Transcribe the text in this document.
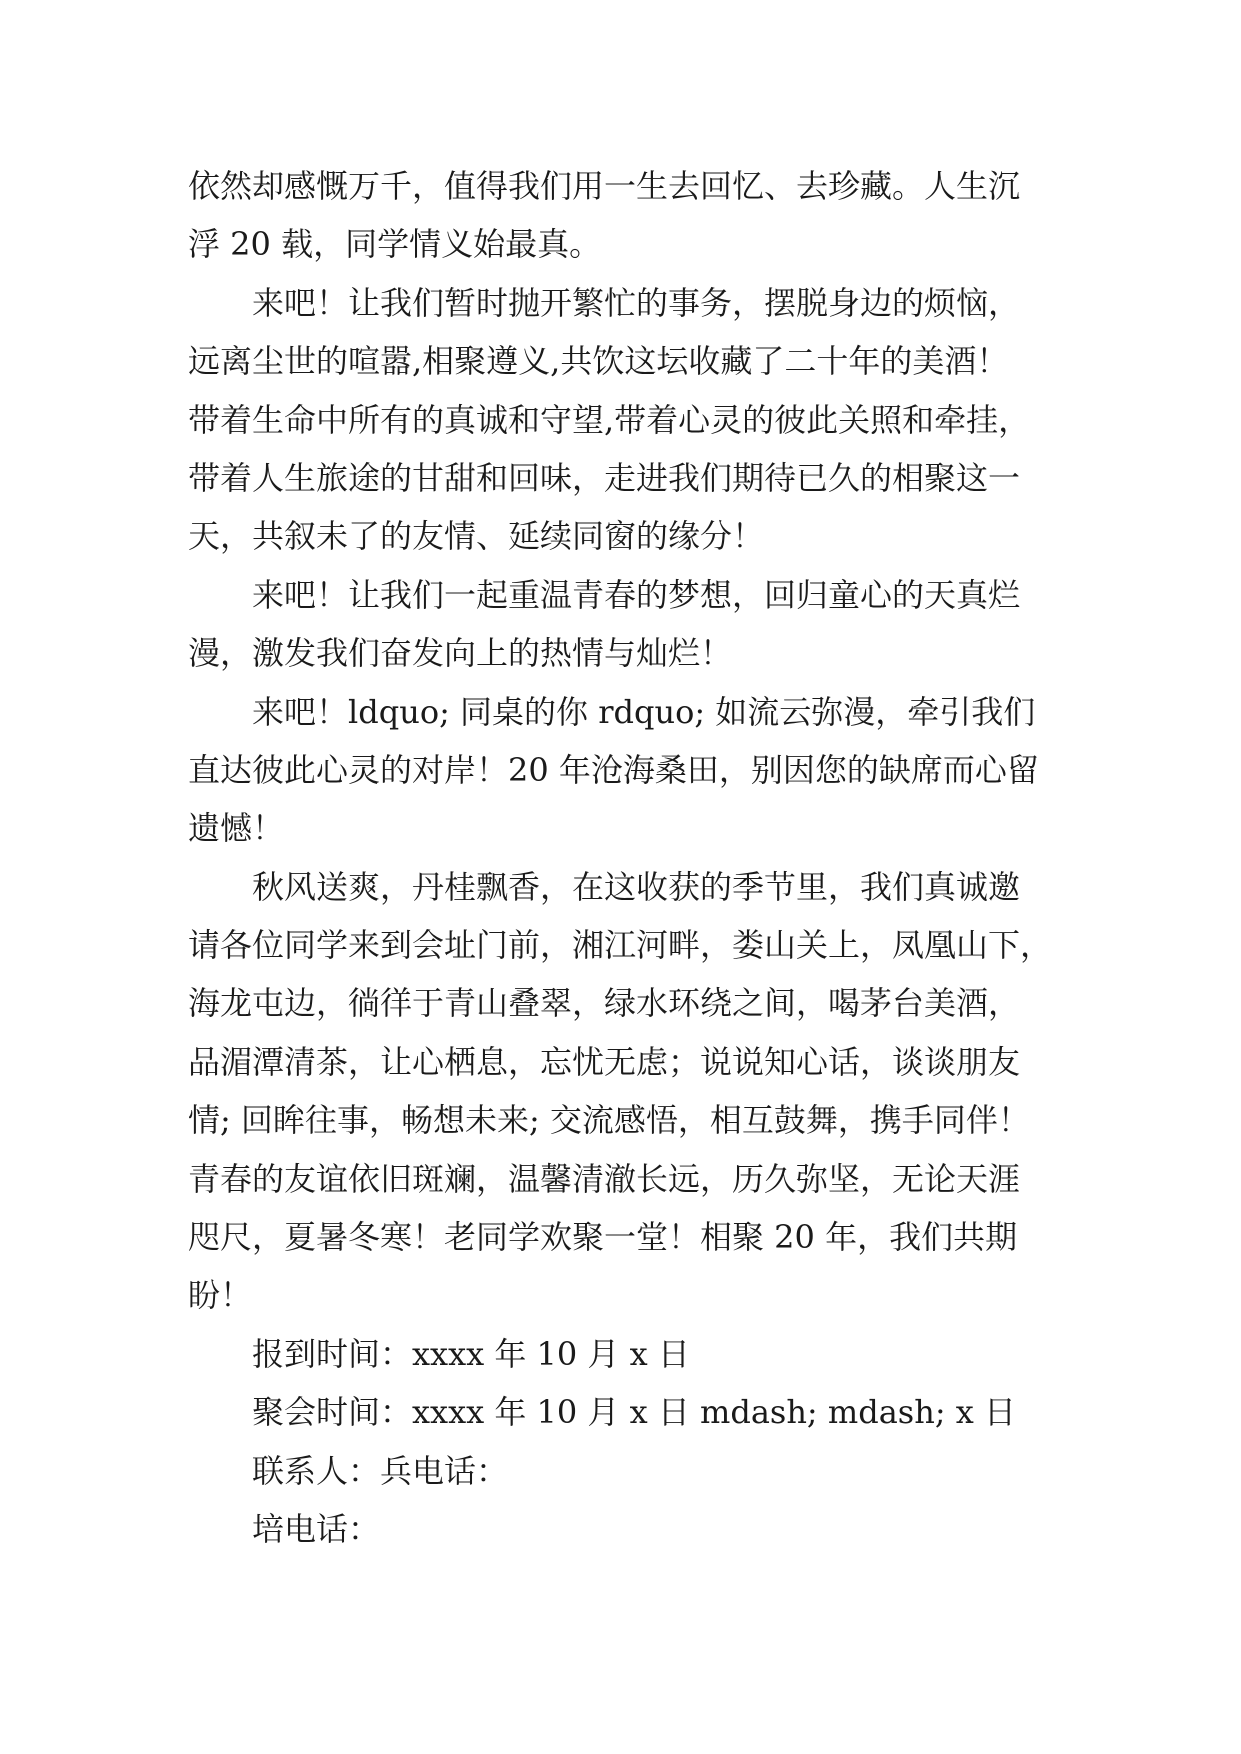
依然却感慨万千，值得我们用一生去回忆、去珍藏。人生沉
浮 20 载，同学情义始最真。
来吧！让我们暂时抛开繁忙的事务，摆脱身边的烦恼，
远离尘世的喧嚣,相聚遵义,共饮这坛收藏了二十年的美酒！
带着生命中所有的真诚和守望,带着心灵的彼此关照和牵挂，
带着人生旅途的甘甜和回味，走进我们期待已久的相聚这一
天，共叙未了的友情、延续同窗的缘分！
来吧！让我们一起重温青春的梦想，回归童心的天真烂
漫，激发我们奋发向上的热情与灿烂！
来吧！ldquo; 同桌的你 rdquo; 如流云弥漫，牵引我们
直达彼此心灵的对岸！20 年沧海桑田，别因您的缺席而心留
遗憾！
秋风送爽，丹桂飘香，在这收获的季节里，我们真诚邀
请各位同学来到会址门前，湘江河畔，娄山关上，凤凰山下，
海龙屯边，徜徉于青山叠翠，绿水环绕之间，喝茅台美酒，
品湄潭清茶，让心栖息，忘忧无虑；说说知心话，谈谈朋友
情; 回眸往事，畅想未来; 交流感悟，相互鼓舞，携手同伴！
青春的友谊依旧斑斓，温馨清澈长远，历久弥坚，无论天涯
咫尺，夏暑冬寒！老同学欢聚一堂！相聚 20 年，我们共期
盼！
报到时间：xxxx 年 10 月 x 日
聚会时间：xxxx 年 10 月 x 日 mdash; mdash; x 日
联系人：兵电话：
培电话：
